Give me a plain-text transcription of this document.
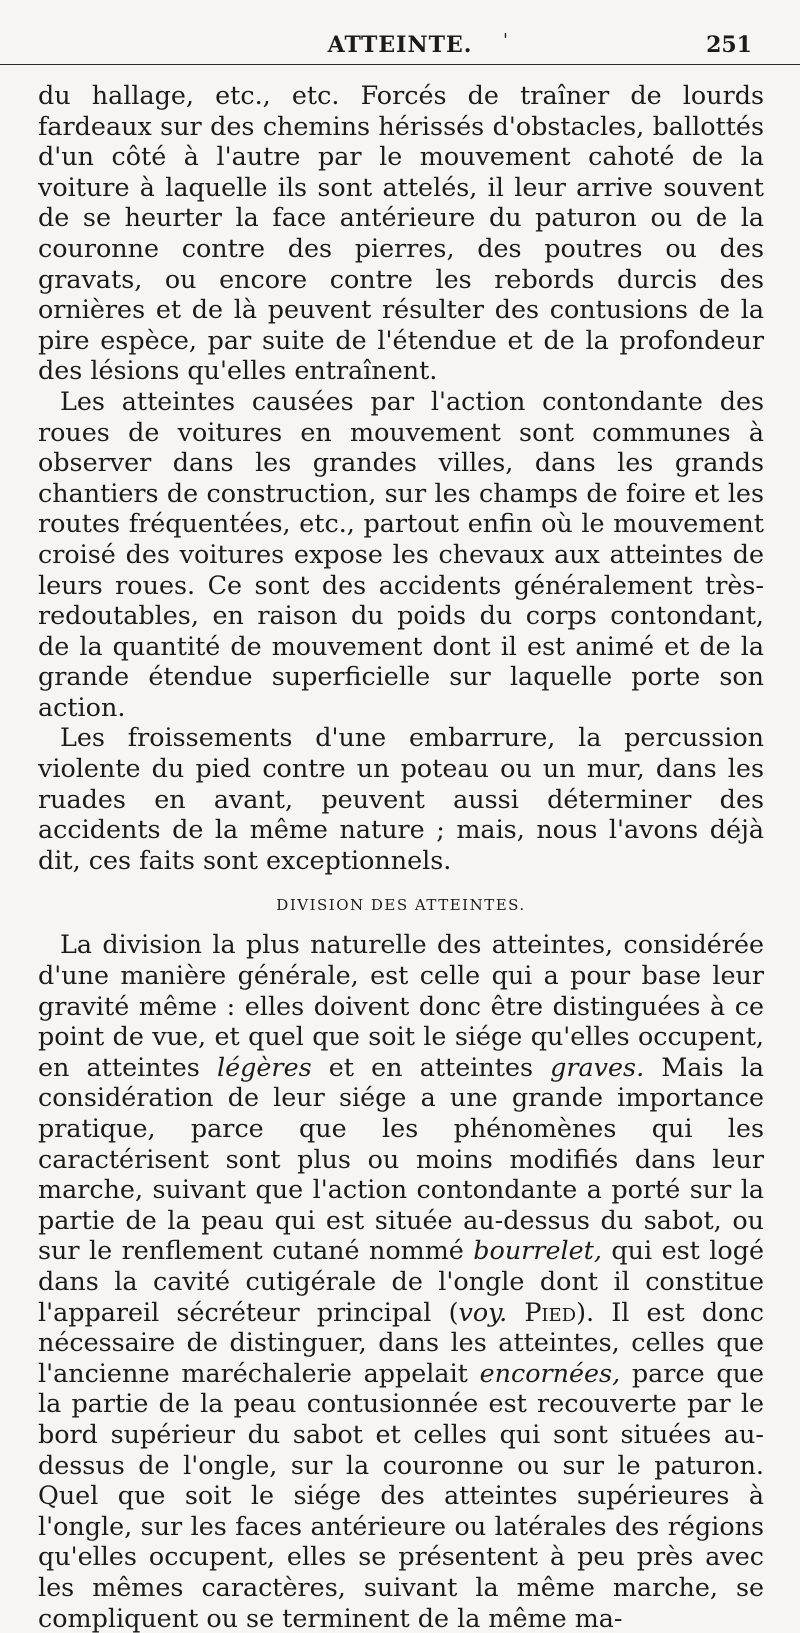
ATTEINTE.	'	251

du hallage, etc., etc. Forcés de traîner de lourds fardeaux sur des chemins hérissés d'obstacles, ballottés d'un côté à l'autre par le mouvement cahoté de la voiture à laquelle ils sont attelés, il leur arrive souvent de se heurter la face antérieure du paturon ou de la couronne contre des pierres, des poutres ou des gravats, ou encore contre les rebords durcis des ornières et de là peuvent résulter des contusions de la pire espèce, par suite de l'étendue et de la profondeur des lésions qu'elles entraînent.

Les atteintes causées par l'action contondante des roues de voitures en mouvement sont communes à observer dans les grandes villes, dans les grands chantiers de construction, sur les champs de foire et les routes fréquentées, etc., partout enfin où le mouvement croisé des voitures expose les chevaux aux atteintes de leurs roues. Ce sont des accidents généralement très-redoutables, en raison du poids du corps contondant, de la quantité de mouvement dont il est animé et de la grande étendue superficielle sur laquelle porte son action.

Les froissements d'une embarrure, la percussion violente du pied contre un poteau ou un mur, dans les ruades en avant, peuvent aussi déterminer des accidents de la même nature ; mais, nous l'avons déjà dit, ces faits sont exceptionnels.

DIVISION DES ATTEINTES.

La division la plus naturelle des atteintes, considérée d'une manière générale, est celle qui a pour base leur gravité même : elles doivent donc être distinguées à ce point de vue, et quel que soit le siége qu'elles occupent, en atteintes légères et en atteintes graves. Mais la considération de leur siége a une grande importance pratique, parce que les phénomènes qui les caractérisent sont plus ou moins modifiés dans leur marche, suivant que l'action contondante a porté sur la partie de la peau qui est située au-dessus du sabot, ou sur le renflement cutané nommé bourrelet, qui est logé dans la cavité cutigérale de l'ongle dont il constitue l'appareil sécréteur principal (voy. Pied). Il est donc nécessaire de distinguer, dans les atteintes, celles que l'ancienne maréchalerie appelait encornées, parce que la partie de la peau contusionnée est recouverte par le bord supérieur du sabot et celles qui sont situées au-dessus de l'ongle, sur la couronne ou sur le paturon. Quel que soit le siége des atteintes supérieures à l'ongle, sur les faces antérieure ou latérales des régions qu'elles occupent, elles se présentent à peu près avec les mêmes caractères, suivant la même marche, se compliquent ou se terminent de la même ma-
